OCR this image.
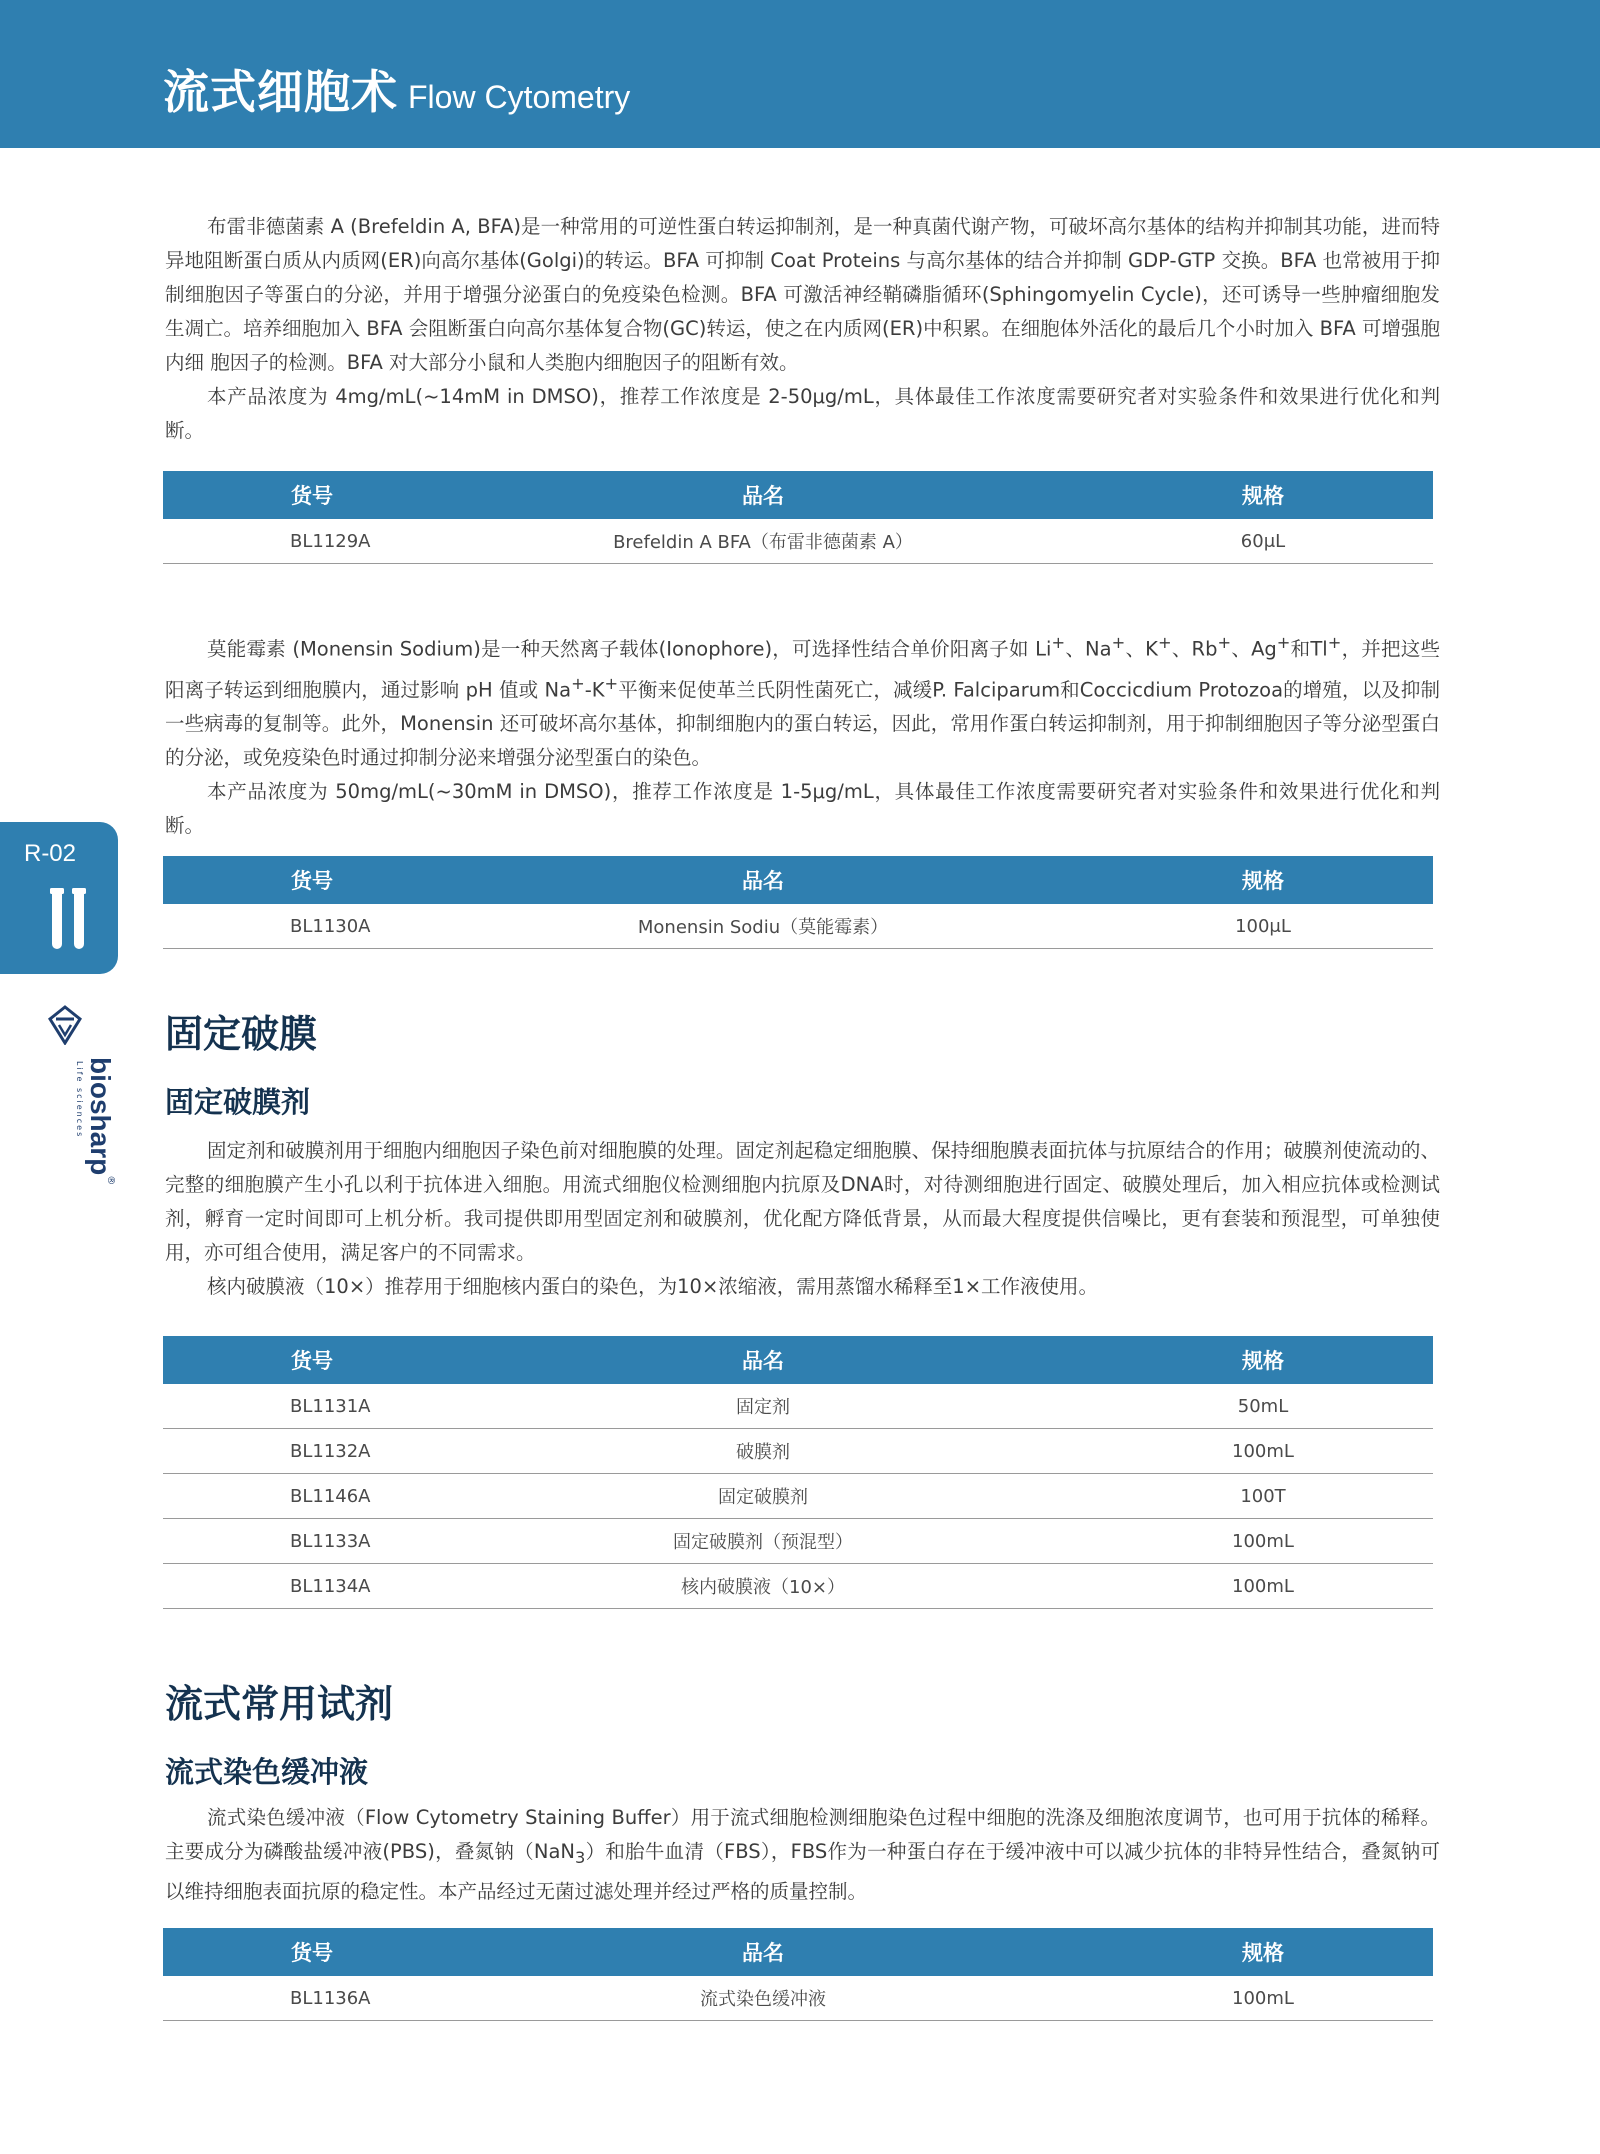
流式细胞术 Flow Cytometry
R-02
biosharp®
Life sciences

布雷非德菌素 A (Brefeldin A, BFA)是一种常用的可逆性蛋白转运抑制剂，是一种真菌代谢产物，可破坏高尔基体的结构并抑制其功能，进而特异地阻断蛋白质从内质网(ER)向高尔基体(Golgi)的转运。BFA 可抑制 Coat Proteins 与高尔基体的结合并抑制 GDP-GTP 交换。BFA 也常被用于抑制细胞因子等蛋白的分泌，并用于增强分泌蛋白的免疫染色检测。BFA 可激活神经鞘磷脂循环(Sphingomyelin Cycle)，还可诱导一些肿瘤细胞发生凋亡。培养细胞加入 BFA 会阻断蛋白向高尔基体复合物(GC)转运，使之在内质网(ER)中积累。在细胞体外活化的最后几个小时加入 BFA 可增强胞内细 胞因子的检测。BFA 对大部分小鼠和人类胞内细胞因子的阻断有效。

本产品浓度为 4mg/mL(~14mM in DMSO)，推荐工作浓度是 2-50μg/mL，具体最佳工作浓度需要研究者对实验条件和效果进行优化和判断。

货号	品名	规格
BL1129A	Brefeldin A BFA（布雷非德菌素 A）	60μL

莫能霉素 (Monensin Sodium)是一种天然离子载体(Ionophore)，可选择性结合单价阳离子如 Li+、Na+、K+、Rb+、Ag+和Tl+，并把这些阳离子转运到细胞膜内，通过影响 pH 值或 Na+-K+平衡来促使革兰氏阴性菌死亡，减缓P. Falciparum和Coccicdium Protozoa的增殖，以及抑制一些病毒的复制等。此外，Monensin 还可破坏高尔基体，抑制细胞内的蛋白转运，因此，常用作蛋白转运抑制剂，用于抑制细胞因子等分泌型蛋白的分泌，或免疫染色时通过抑制分泌来增强分泌型蛋白的染色。

本产品浓度为 50mg/mL(~30mM in DMSO)，推荐工作浓度是 1-5μg/mL，具体最佳工作浓度需要研究者对实验条件和效果进行优化和判断。

货号	品名	规格
BL1130A	Monensin Sodiu（莫能霉素）	100μL
固定破膜
固定破膜剂

固定剂和破膜剂用于细胞内细胞因子染色前对细胞膜的处理。固定剂起稳定细胞膜、保持细胞膜表面抗体与抗原结合的作用；破膜剂使流动的、完整的细胞膜产生小孔以利于抗体进入细胞。用流式细胞仪检测细胞内抗原及DNA时，对待测细胞进行固定、破膜处理后，加入相应抗体或检测试剂，孵育一定时间即可上机分析。我司提供即用型固定剂和破膜剂，优化配方降低背景，从而最大程度提供信噪比，更有套装和预混型，可单独使用，亦可组合使用，满足客户的不同需求。

核内破膜液（10×）推荐用于细胞核内蛋白的染色，为10×浓缩液，需用蒸馏水稀释至1×工作液使用。

货号	品名	规格
BL1131A	固定剂	50mL
BL1132A	破膜剂	100mL
BL1146A	固定破膜剂	100T
BL1133A	固定破膜剂（预混型）	100mL
BL1134A	核内破膜液（10×）	100mL
流式常用试剂
流式染色缓冲液

流式染色缓冲液（Flow Cytometry Staining Buffer）用于流式细胞检测细胞染色过程中细胞的洗涤及细胞浓度调节，也可用于抗体的稀释。主要成分为磷酸盐缓冲液(PBS)，叠氮钠（NaN$_3$）和胎牛血清（FBS），FBS作为一种蛋白存在于缓冲液中可以减少抗体的非特异性结合，叠氮钠可以维持细胞表面抗原的稳定性。本产品经过无菌过滤处理并经过严格的质量控制。

货号	品名	规格
BL1136A	流式染色缓冲液	100mL
